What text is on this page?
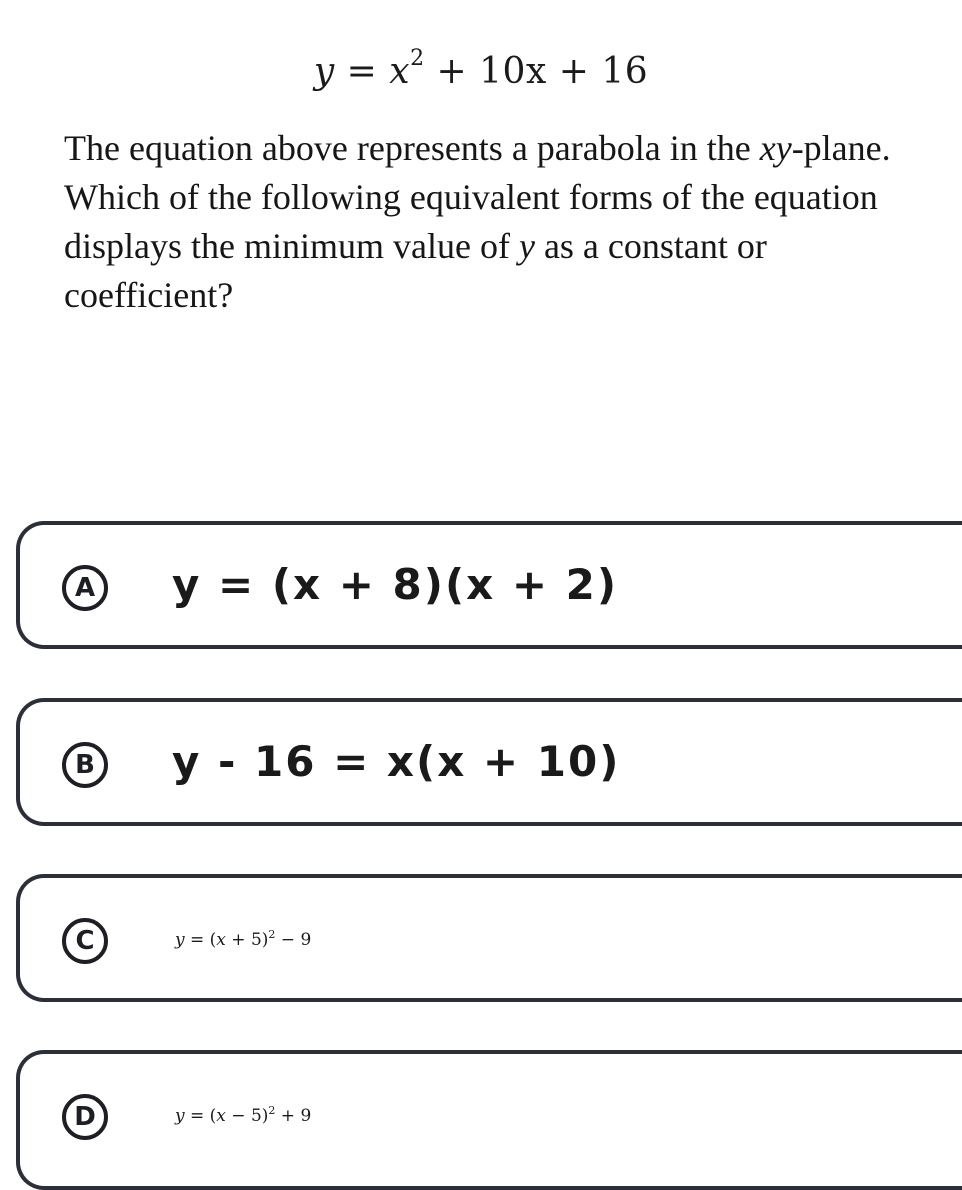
$y = x^2 + 10x + 16$
The equation above represents a parabola in the xy-plane. Which of the following equivalent forms of the equation displays the minimum value of y as a constant or coefficient?
A	y = (x + 8)(x + 2)
B	y - 16 = x(x + 10)
C	$y = (x + 5)^2 - 9$
D	$y = (x - 5)^2 + 9$
